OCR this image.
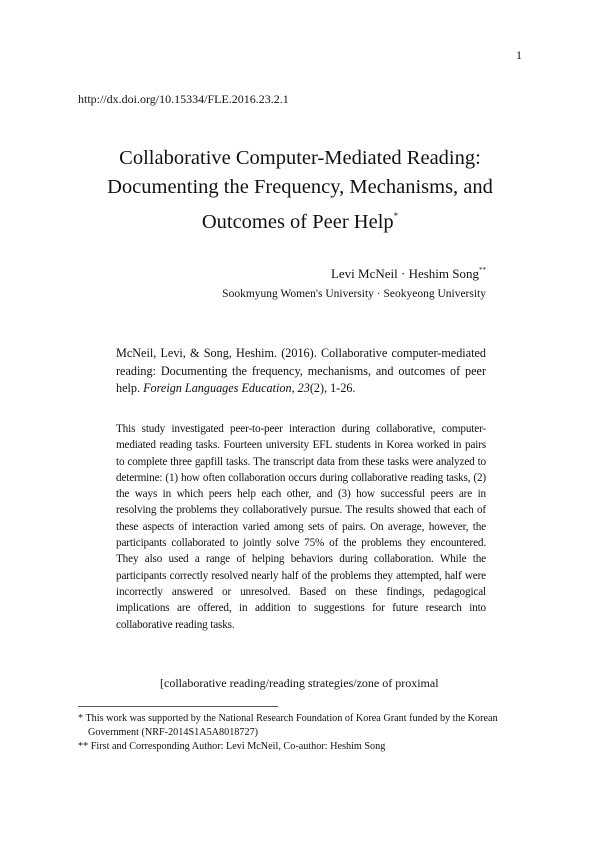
1
http://dx.doi.org/10.15334/FLE.2016.23.2.1
Collaborative Computer-Mediated Reading:
Documenting the Frequency, Mechanisms, and
Outcomes of Peer Help*
Levi McNeil · Heshim Song**
Sookmyung Women's University · Seokyeong University
McNeil, Levi, & Song, Heshim. (2016). Collaborative computer-mediated reading: Documenting the frequency, mechanisms, and outcomes of peer help. Foreign Languages Education, 23(2), 1-26.
This study investigated peer-to-peer interaction during collaborative, computer-mediated reading tasks. Fourteen university EFL students in Korea worked in pairs to complete three gapfill tasks. The transcript data from these tasks were analyzed to determine: (1) how often collaboration occurs during collaborative reading tasks, (2) the ways in which peers help each other, and (3) how successful peers are in resolving the problems they collaboratively pursue. The results showed that each of these aspects of interaction varied among sets of pairs. On average, however, the participants collaborated to jointly solve 75% of the problems they encountered. They also used a range of helping behaviors during collaboration. While the participants correctly resolved nearly half of the problems they attempted, half were incorrectly answered or unresolved. Based on these findings, pedagogical implications are offered, in addition to suggestions for future research into collaborative reading tasks.
[collaborative reading/reading strategies/zone of proximal
* This work was supported by the National Research Foundation of Korea Grant funded by the Korean Government (NRF-2014S1A5A8018727)
** First and Corresponding Author: Levi McNeil, Co-author: Heshim Song
